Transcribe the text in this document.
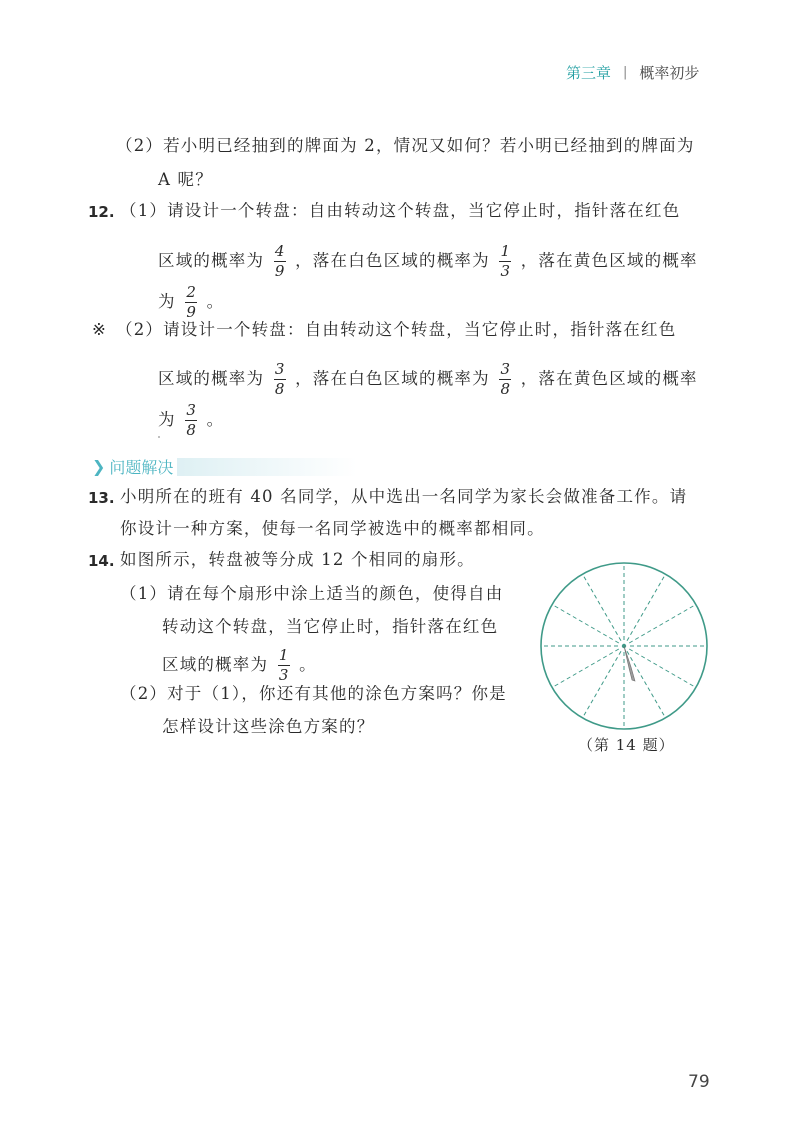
第三章 | 概率初步
（2）若小明已经抽到的牌面为 2，情况又如何？若小明已经抽到的牌面为
A 呢？
12. （1）请设计一个转盘：自由转动这个转盘，当它停止时，指针落在红色
区域的概率为 $\frac{4}{9}$ ，落在白色区域的概率为 $\frac{1}{3}$ ，落在黄色区域的概率
为 $\frac{2}{9}$ 。
※ （2）请设计一个转盘：自由转动这个转盘，当它停止时，指针落在红色
区域的概率为 $\frac{3}{8}$ ，落在白色区域的概率为 $\frac{3}{8}$ ，落在黄色区域的概率
为 $\frac{3}{8}$ 。
❯ 问题解决
13. 小明所在的班有 40 名同学，从中选出一名同学为家长会做准备工作。请
你设计一种方案，使每一名同学被选中的概率都相同。
14. 如图所示，转盘被等分成 12 个相同的扇形。
（1）请在每个扇形中涂上适当的颜色，使得自由
转动这个转盘，当它停止时，指针落在红色
区域的概率为 $\frac{1}{3}$ 。
（2）对于（1），你还有其他的涂色方案吗？你是
怎样设计这些涂色方案的？
（第 14 题）
79
